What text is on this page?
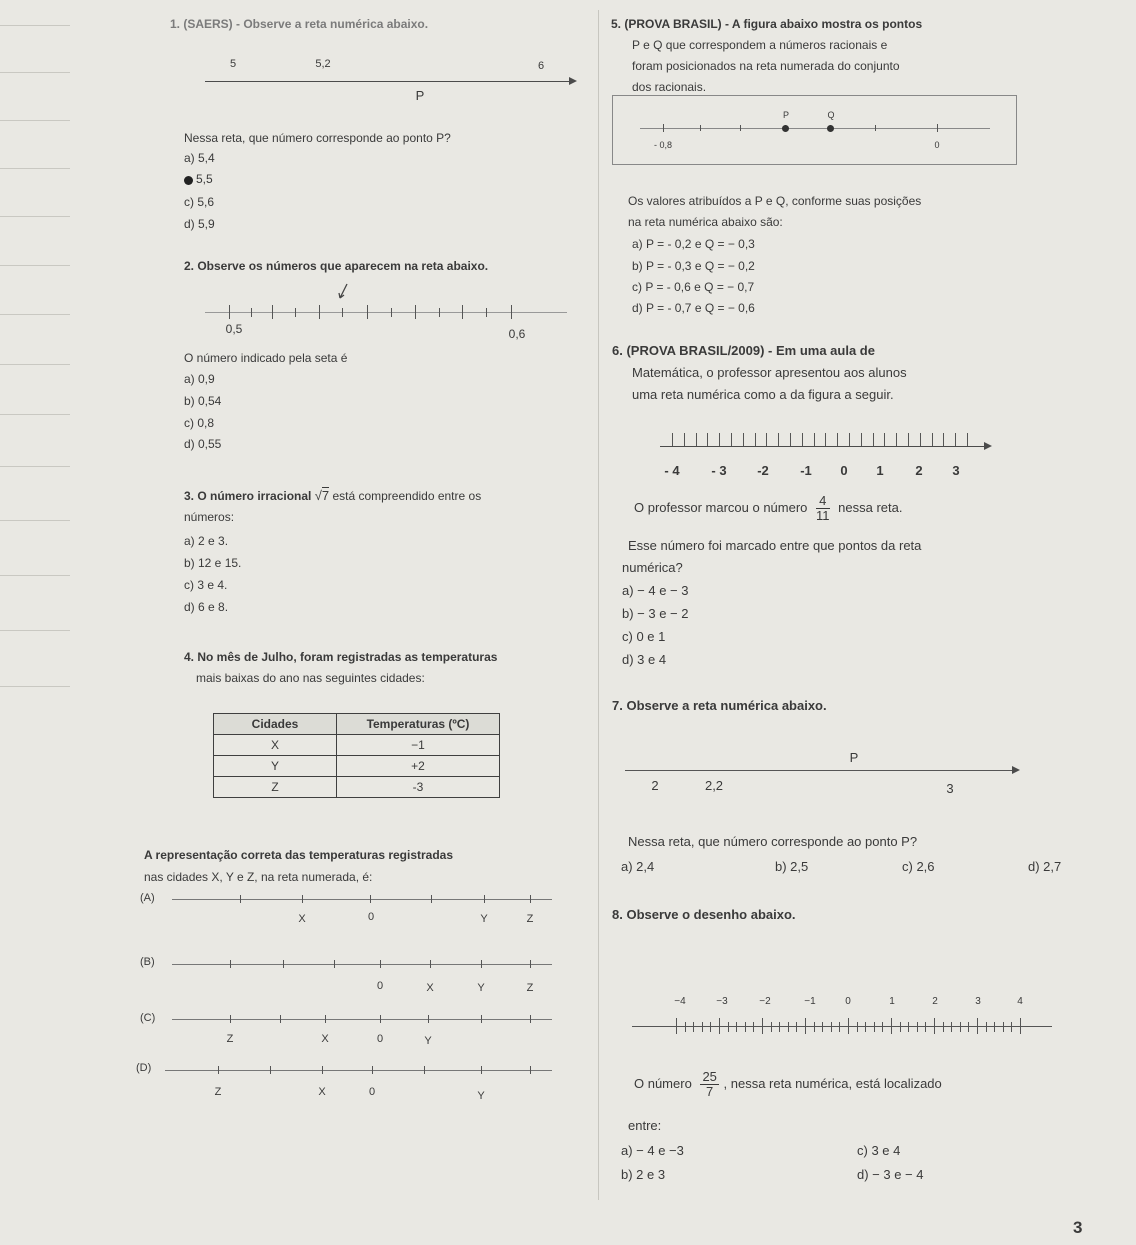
1. (SAERS) - Observe a reta numérica abaixo.
5	5,2	6
P
Nessa reta, que número corresponde ao ponto P?
a) 5,4
5,5
c) 5,6
d) 5,9
2. Observe os números que aparecem na reta abaixo.
0,5	0,6
O número indicado pela seta é
a) 0,9
b) 0,54
c) 0,8
d) 0,55
3. O número irracional √7 está compreendido entre os
números:
a) 2 e 3.
b) 12 e 15.
c) 3 e 4.
d) 6 e 8.
4. No mês de Julho, foram registradas as temperaturas
mais baixas do ano nas seguintes cidades:
Cidades	Temperaturas (ºC)
X	−1
Y	+2
Z	-3
A representação correta das temperaturas registradas
nas cidades X, Y e Z, na reta numerada, é:
(A)
X	0	Y	Z
(B)
0	X	Y	Z
(C)
Z	X	0	Y
(D)
Z	X	0	Y
5. (PROVA BRASIL) - A figura abaixo mostra os pontos
P e Q que correspondem a números racionais e
foram posicionados na reta numerada do conjunto
dos racionais.
P	Q
- 0,8	0
Os valores atribuídos a P e Q, conforme suas posições
na reta numérica abaixo são:
a) P = - 0,2 e Q = − 0,3
b) P = - 0,3 e Q = − 0,2
c) P = - 0,6 e Q = − 0,7
d) P = - 0,7 e Q = − 0,6
6. (PROVA BRASIL/2009) - Em uma aula de
Matemática, o professor apresentou aos alunos
uma reta numérica como a da figura a seguir.
- 4 - 3 -2 -1 0 1 2 3
O professor marcou o número $\frac{4}{11}$ nessa reta.
Esse número foi marcado entre que pontos da reta
numérica?
a) − 4 e − 3
b) − 3 e − 2
c) 0 e 1
d) 3 e 4
7. Observe a reta numérica abaixo.
P
2	2,2	3
Nessa reta, que número corresponde ao ponto P?
a) 2,4	b) 2,5	c) 2,6	d) 2,7
8. Observe o desenho abaixo.
−4	−3	−2	−1	0	1	2	3	4
O número $\frac{25}{7}$ , nessa reta numérica, está localizado
entre:
a) − 4 e −3
b) 2 e 3
c) 3 e 4
d) − 3 e − 4
3
